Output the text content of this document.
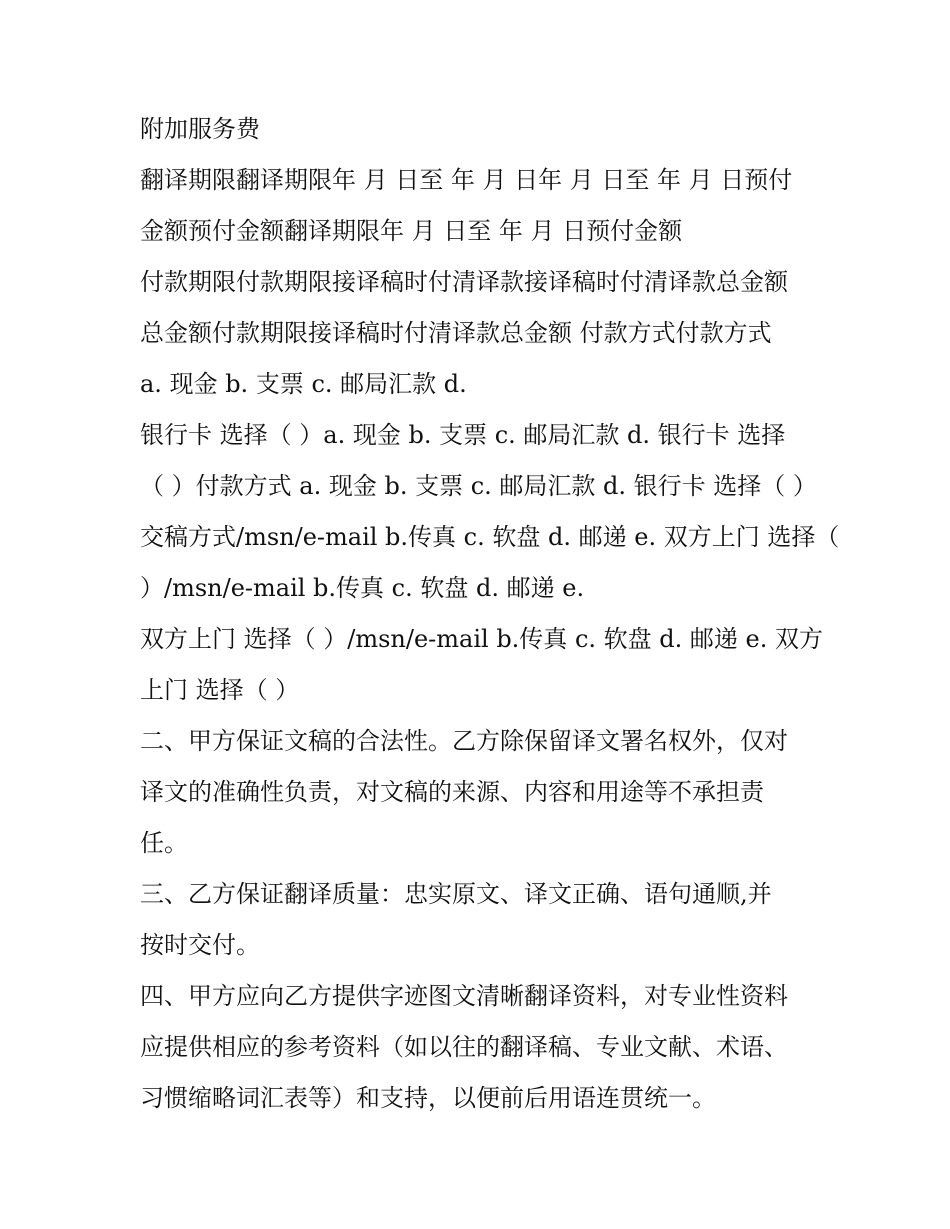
附加服务费

翻译期限翻译期限年 月 日至 年 月 日年 月 日至 年 月 日预付

金额预付金额翻译期限年 月 日至 年 月 日预付金额

付款期限付款期限接译稿时付清译款接译稿时付清译款总金额

总金额付款期限接译稿时付清译款总金额 付款方式付款方式

a. 现金 b. 支票 c. 邮局汇款 d.

银行卡 选择（ ）a. 现金 b. 支票 c. 邮局汇款 d. 银行卡 选择

（ ）付款方式 a. 现金 b. 支票 c. 邮局汇款 d. 银行卡 选择（ ）

交稿方式/msn/e-mail b.传真 c. 软盘 d. 邮递 e. 双方上门 选择（

）/msn/e-mail b.传真 c. 软盘 d. 邮递 e.

双方上门 选择（ ）/msn/e-mail b.传真 c. 软盘 d. 邮递 e. 双方

上门 选择（ ）

二、甲方保证文稿的合法性。乙方除保留译文署名权外，仅对

译文的准确性负责，对文稿的来源、内容和用途等不承担责

任。

三、乙方保证翻译质量：忠实原文、译文正确、语句通顺,并

按时交付。

四、甲方应向乙方提供字迹图文清晰翻译资料，对专业性资料

应提供相应的参考资料（如以往的翻译稿、专业文献、术语、

习惯缩略词汇表等）和支持，以便前后用语连贯统一。
